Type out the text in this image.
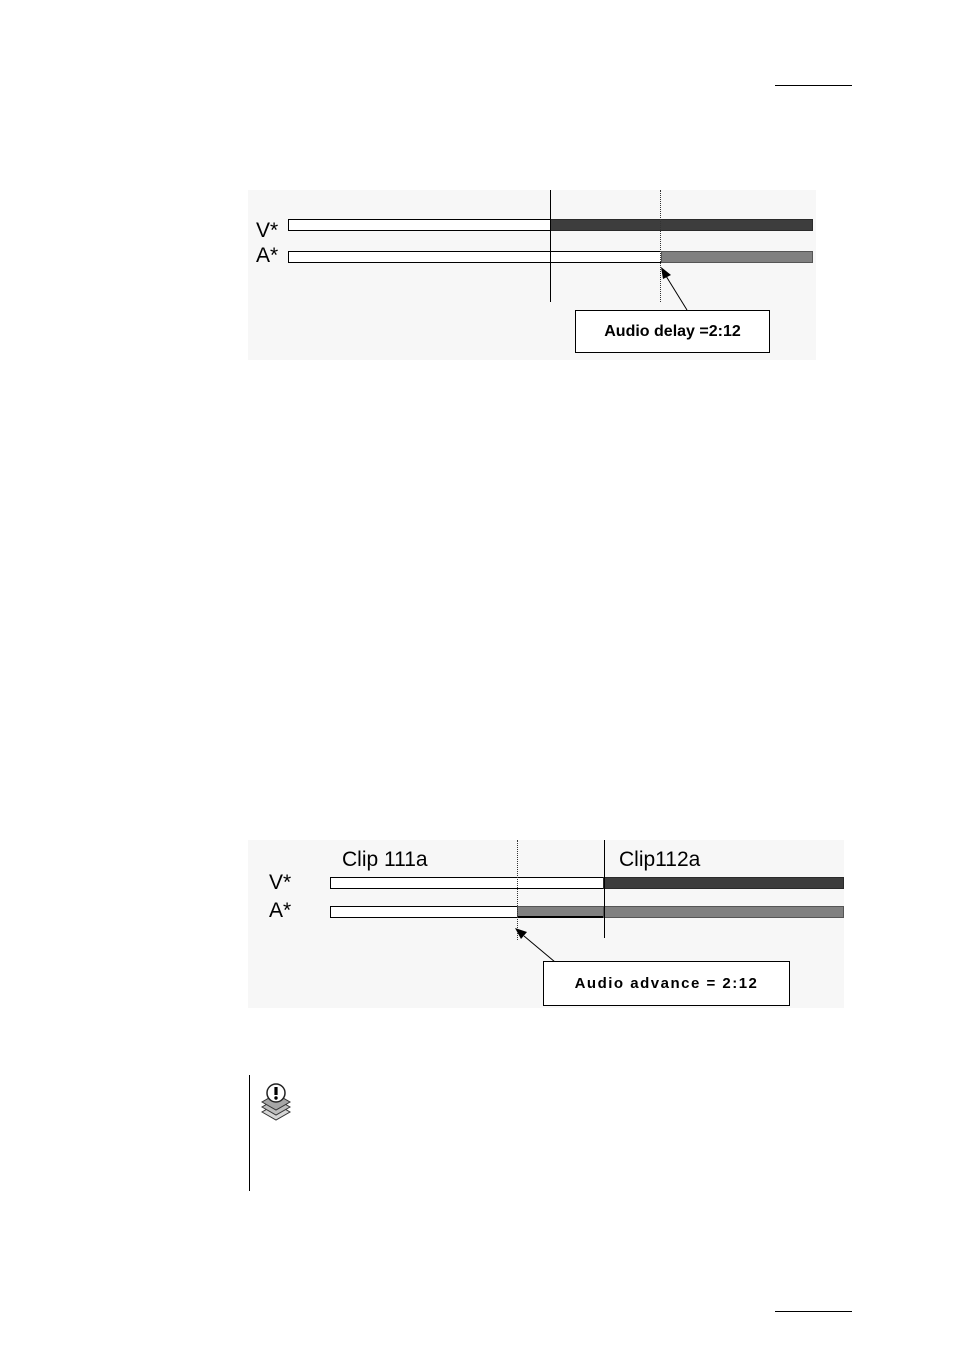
V*
A*
Audio delay =2:12
Clip 111a	Clip112a
V*
A*
Audio advance = 2:12
